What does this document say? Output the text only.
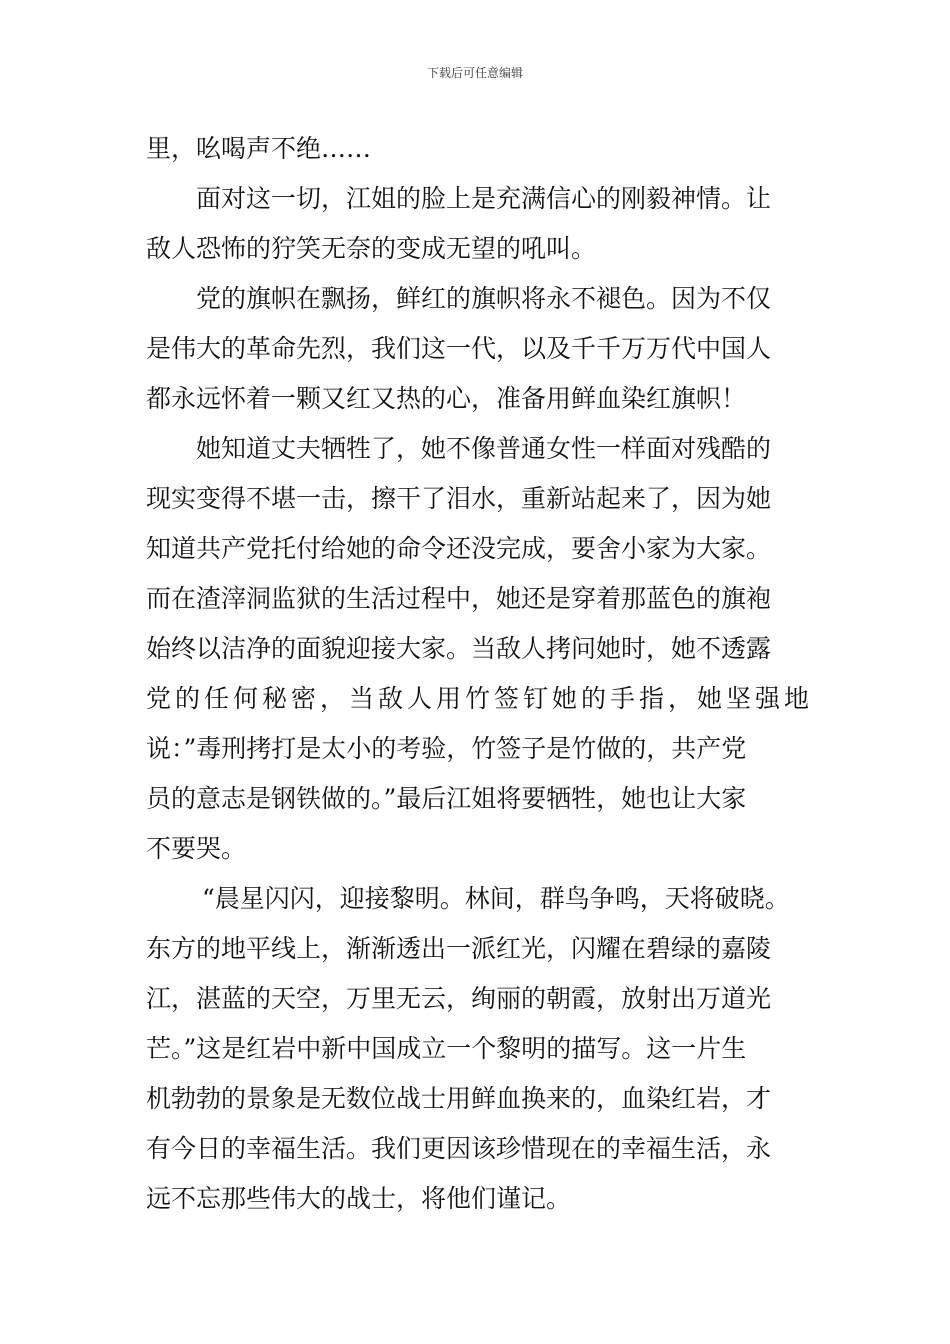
下载后可任意编辑
里，吆喝声不绝……
面对这一切，江姐的脸上是充满信心的刚毅神情。让
敌人恐怖的狞笑无奈的变成无望的吼叫。
党的旗帜在飘扬，鲜红的旗帜将永不褪色。因为不仅
是伟大的革命先烈，我们这一代，以及千千万万代中国人
都永远怀着一颗又红又热的心，准备用鲜血染红旗帜！
她知道丈夫牺牲了，她不像普通女性一样面对残酷的
现实变得不堪一击，擦干了泪水，重新站起来了，因为她
知道共产党托付给她的命令还没完成，要舍小家为大家。
而在渣滓洞监狱的生活过程中，她还是穿着那蓝色的旗袍
始终以洁净的面貌迎接大家。当敌人拷问她时，她不透露
党的任何秘密，当敌人用竹签钉她的手指，她坚强地
说：”毒刑拷打是太小的考验，竹签子是竹做的，共产党
员的意志是钢铁做的。”最后江姐将要牺牲，她也让大家
不要哭。
“晨星闪闪，迎接黎明。林间，群鸟争鸣，天将破晓。
东方的地平线上，渐渐透出一派红光，闪耀在碧绿的嘉陵
江，湛蓝的天空，万里无云，绚丽的朝霞，放射出万道光
芒。”这是红岩中新中国成立一个黎明的描写。这一片生
机勃勃的景象是无数位战士用鲜血换来的，血染红岩，才
有今日的幸福生活。我们更因该珍惜现在的幸福生活，永
远不忘那些伟大的战士，将他们谨记。
